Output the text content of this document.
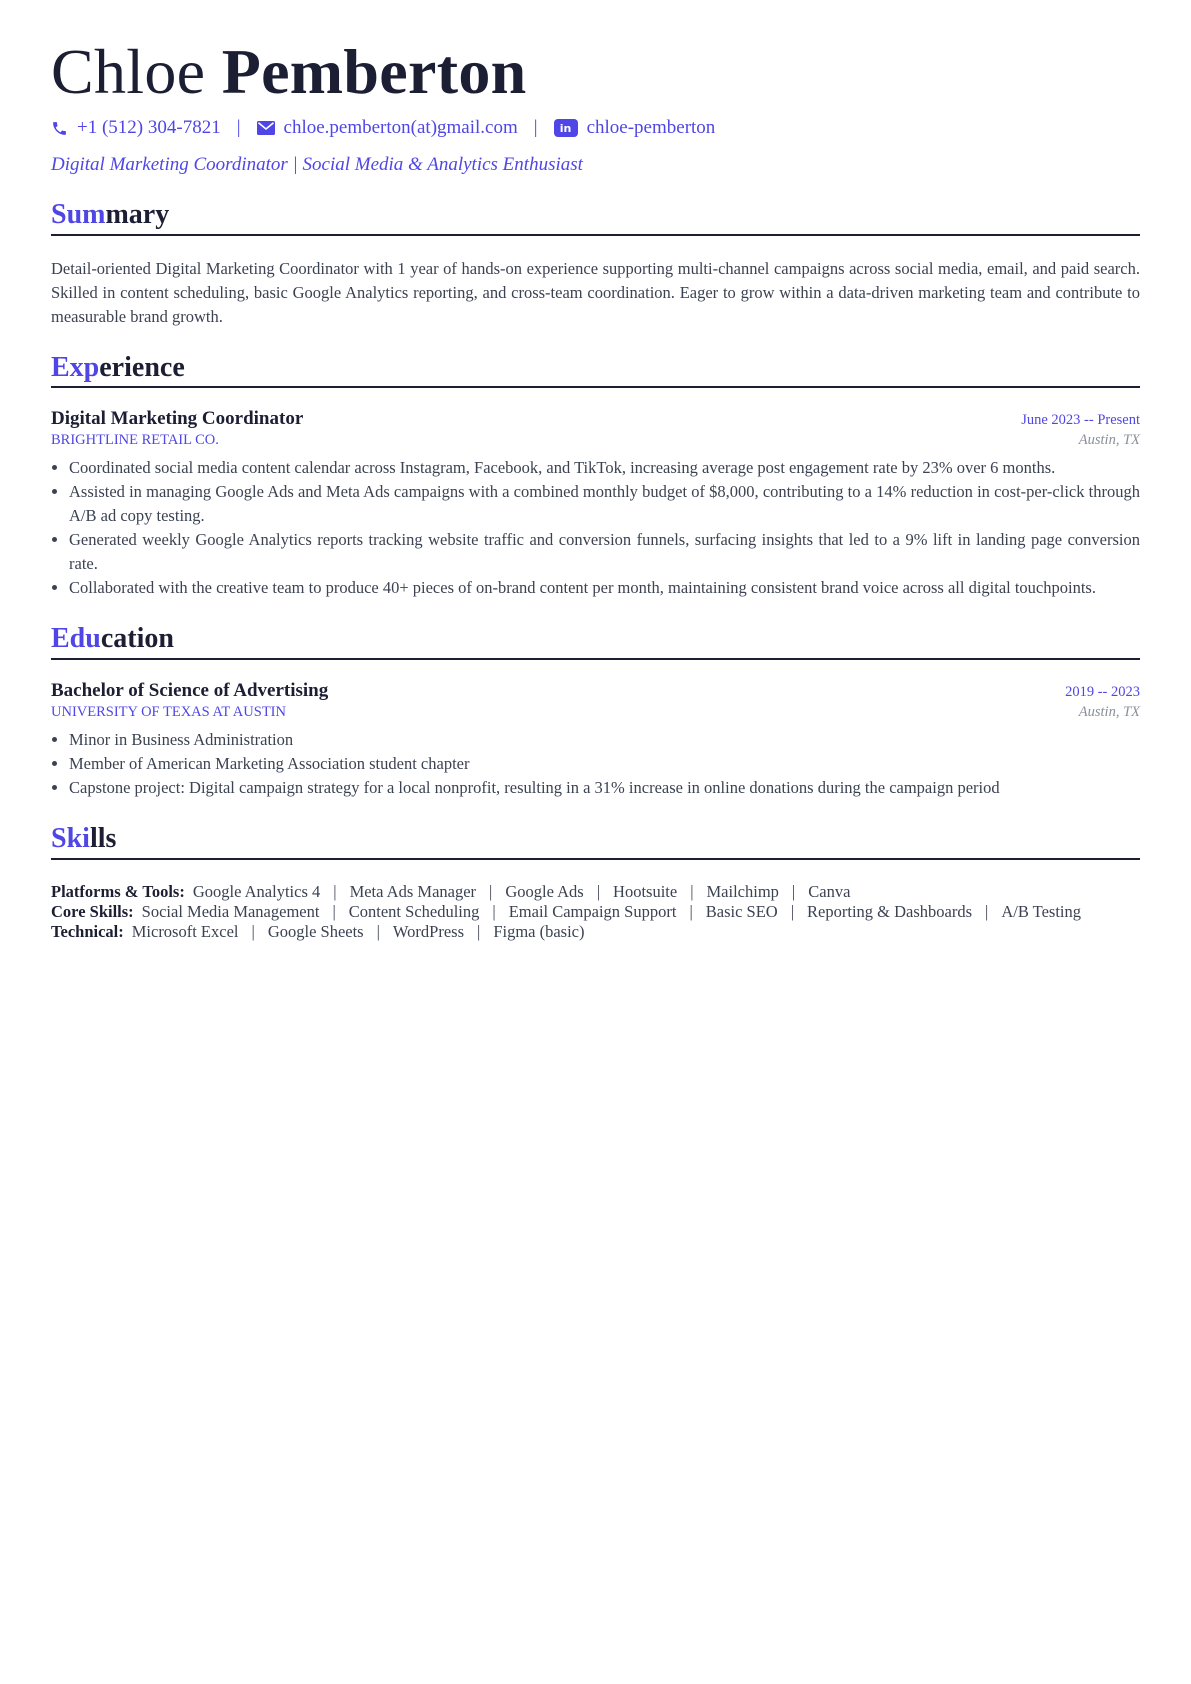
Chloe Pemberton
+1 (512) 304-7821 | chloe.pemberton(at)gmail.com |	in chloe-pemberton
Digital Marketing Coordinator | Social Media & Analytics Enthusiast
Summary
Detail-oriented Digital Marketing Coordinator with 1 year of hands-on experience supporting multi-channel campaigns across social media, email, and paid search. Skilled in content scheduling, basic Google Analytics reporting, and cross-team coordination. Eager to grow within a data-driven marketing team and contribute to measurable brand growth.
Experience
Digital Marketing Coordinator	June 2023 -- Present
BRIGHTLINE RETAIL CO.	Austin, TX
• Coordinated social media content calendar across Instagram, Facebook, and TikTok, increasing average post engagement rate by 23% over 6 months.
• Assisted in managing Google Ads and Meta Ads campaigns with a combined monthly budget of $8,000, contributing to a 14% reduction in cost-per-click through A/B ad copy testing.
• Generated weekly Google Analytics reports tracking website traffic and conversion funnels, surfacing insights that led to a 9% lift in landing page conversion rate.
• Collaborated with the creative team to produce 40+ pieces of on-brand content per month, maintaining consistent brand voice across all digital touchpoints.
Education
Bachelor of Science of Advertising	2019 -- 2023
UNIVERSITY OF TEXAS AT AUSTIN	Austin, TX
• Minor in Business Administration
• Member of American Marketing Association student chapter
• Capstone project: Digital campaign strategy for a local nonprofit, resulting in a 31% increase in online donations during the campaign period
Skills
Platforms & Tools: Google Analytics 4 | Meta Ads Manager | Google Ads | Hootsuite | Mailchimp | Canva
Core Skills: Social Media Management | Content Scheduling | Email Campaign Support | Basic SEO | Reporting & Dashboards | A/B Testing
Technical: Microsoft Excel | Google Sheets | WordPress | Figma (basic)
